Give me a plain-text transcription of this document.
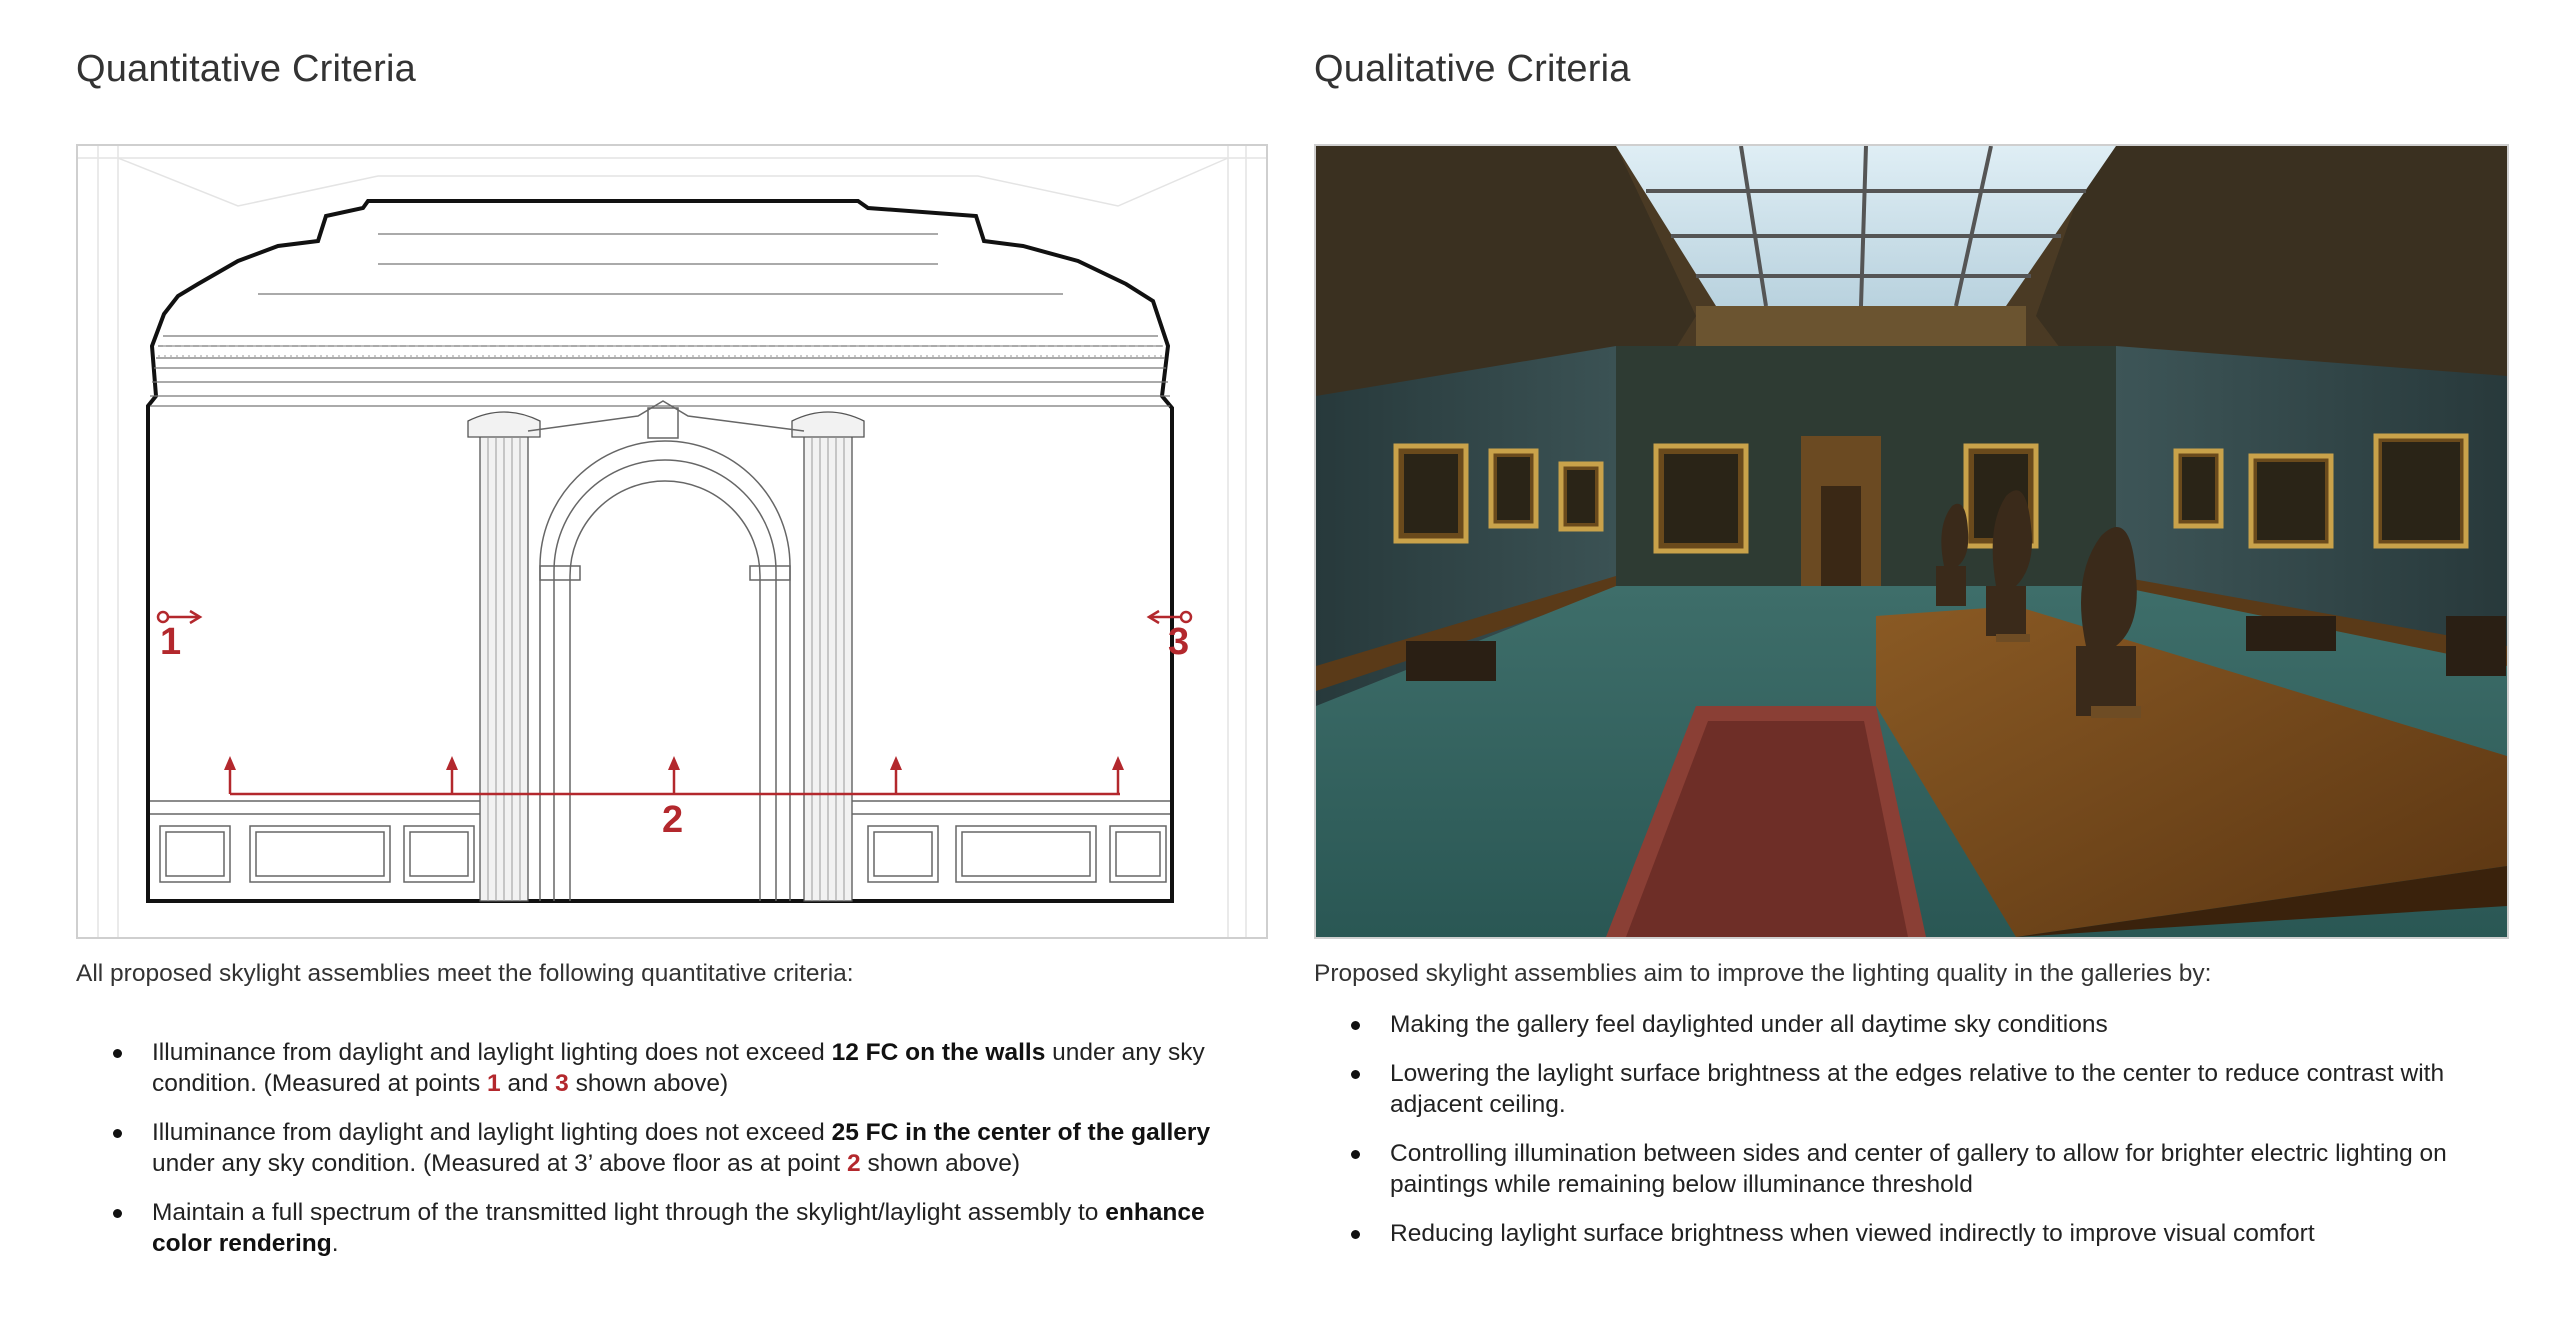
Quantitative Criteria
1	3
2

All proposed skylight assemblies meet the following quantitative criteria:

Illuminance from daylight and laylight lighting does not exceed 12 FC on the walls under any sky condition. (Measured at points 1 and 3 shown above)
Illuminance from daylight and laylight lighting does not exceed 25 FC in the center of the gallery under any sky condition. (Measured at 3’ above floor as at point 2 shown above)
Maintain a full spectrum of the transmitted light through the skylight/laylight assembly to enhance color rendering.
Qualitative Criteria

Proposed skylight assemblies aim to improve the lighting quality in the galleries by:

Making the gallery feel daylighted under all daytime sky conditions
Lowering the laylight surface brightness at the edges relative to the center to reduce contrast with adjacent ceiling.
Controlling illumination between sides and center of gallery to allow for brighter electric lighting on paintings while remaining below illuminance threshold
Reducing laylight surface brightness when viewed indirectly to improve visual comfort
